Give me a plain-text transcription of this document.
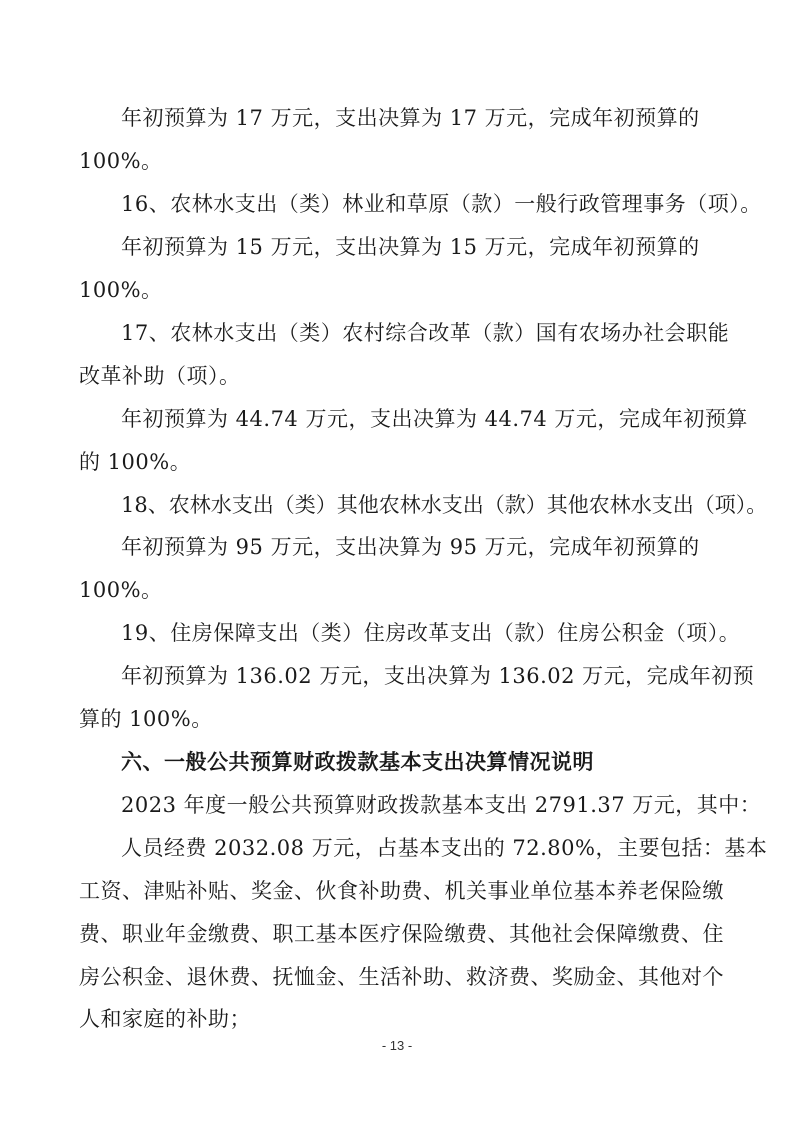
年初预算为 17 万元，支出决算为 17 万元，完成年初预算的

100%。

16、农林水支出（类）林业和草原（款）一般行政管理事务（项）。

年初预算为 15 万元，支出决算为 15 万元，完成年初预算的

100%。

17、农林水支出（类）农村综合改革（款）国有农场办社会职能

改革补助（项）。

年初预算为 44.74 万元，支出决算为 44.74 万元，完成年初预算

的 100%。

18、农林水支出（类）其他农林水支出（款）其他农林水支出（项）。

年初预算为 95 万元，支出决算为 95 万元，完成年初预算的

100%。

19、住房保障支出（类）住房改革支出（款）住房公积金（项）。

年初预算为 136.02 万元，支出决算为 136.02 万元，完成年初预

算的 100%。

六、一般公共预算财政拨款基本支出决算情况说明

2023 年度一般公共预算财政拨款基本支出 2791.37 万元，其中：

人员经费 2032.08 万元，占基本支出的 72.80%，主要包括：基本

工资、津贴补贴、奖金、伙食补助费、机关事业单位基本养老保险缴

费、职业年金缴费、职工基本医疗保险缴费、其他社会保障缴费、住

房公积金、退休费、抚恤金、生活补助、救济费、奖励金、其他对个

人和家庭的补助；

- 13 -
